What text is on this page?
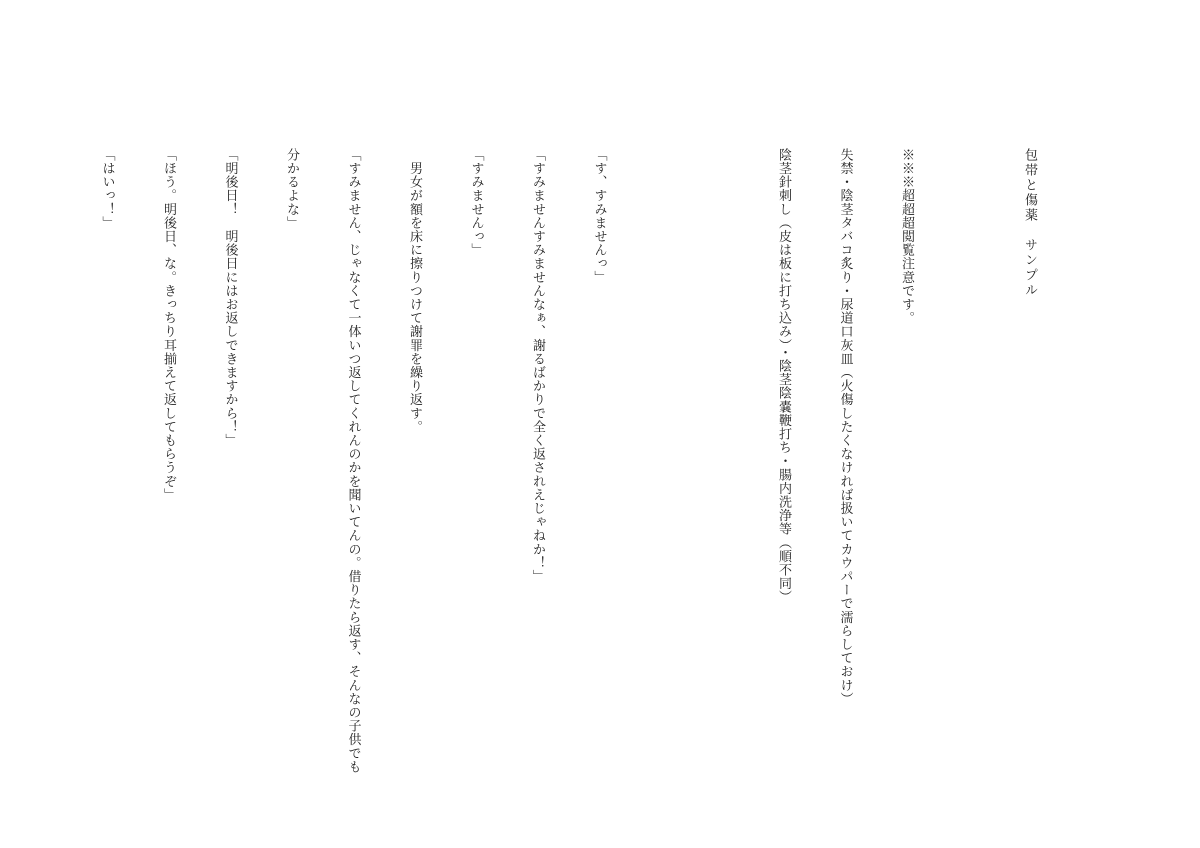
包帯と傷薬　サンプル

※※※超超超閲覧注意です。

失禁・陰茎タバコ炙り・尿道口灰皿（火傷したくなければ扱いてカウパーで濡らしておけ）

陰茎針刺し（皮は板に打ち込み）・陰茎陰嚢鞭打ち・腸内洗浄等（順不同）

「す、すみませんっ」

「すみませんすみませんなぁ、謝るばかりで全く返されえじゃねか！」

「すみませんっ」

　男女が額を床に擦りつけて謝罪を繰り返す。

「すみません、じゃなくて一体いつ返してくれんのかを聞いてんの。借りたら返す、そんなの子供でも

分かるよな」

「明後日！　明後日にはお返しできますから！」

「ほう。明後日、な。きっちり耳揃えて返してもらうぞ」

「はいっ！」
